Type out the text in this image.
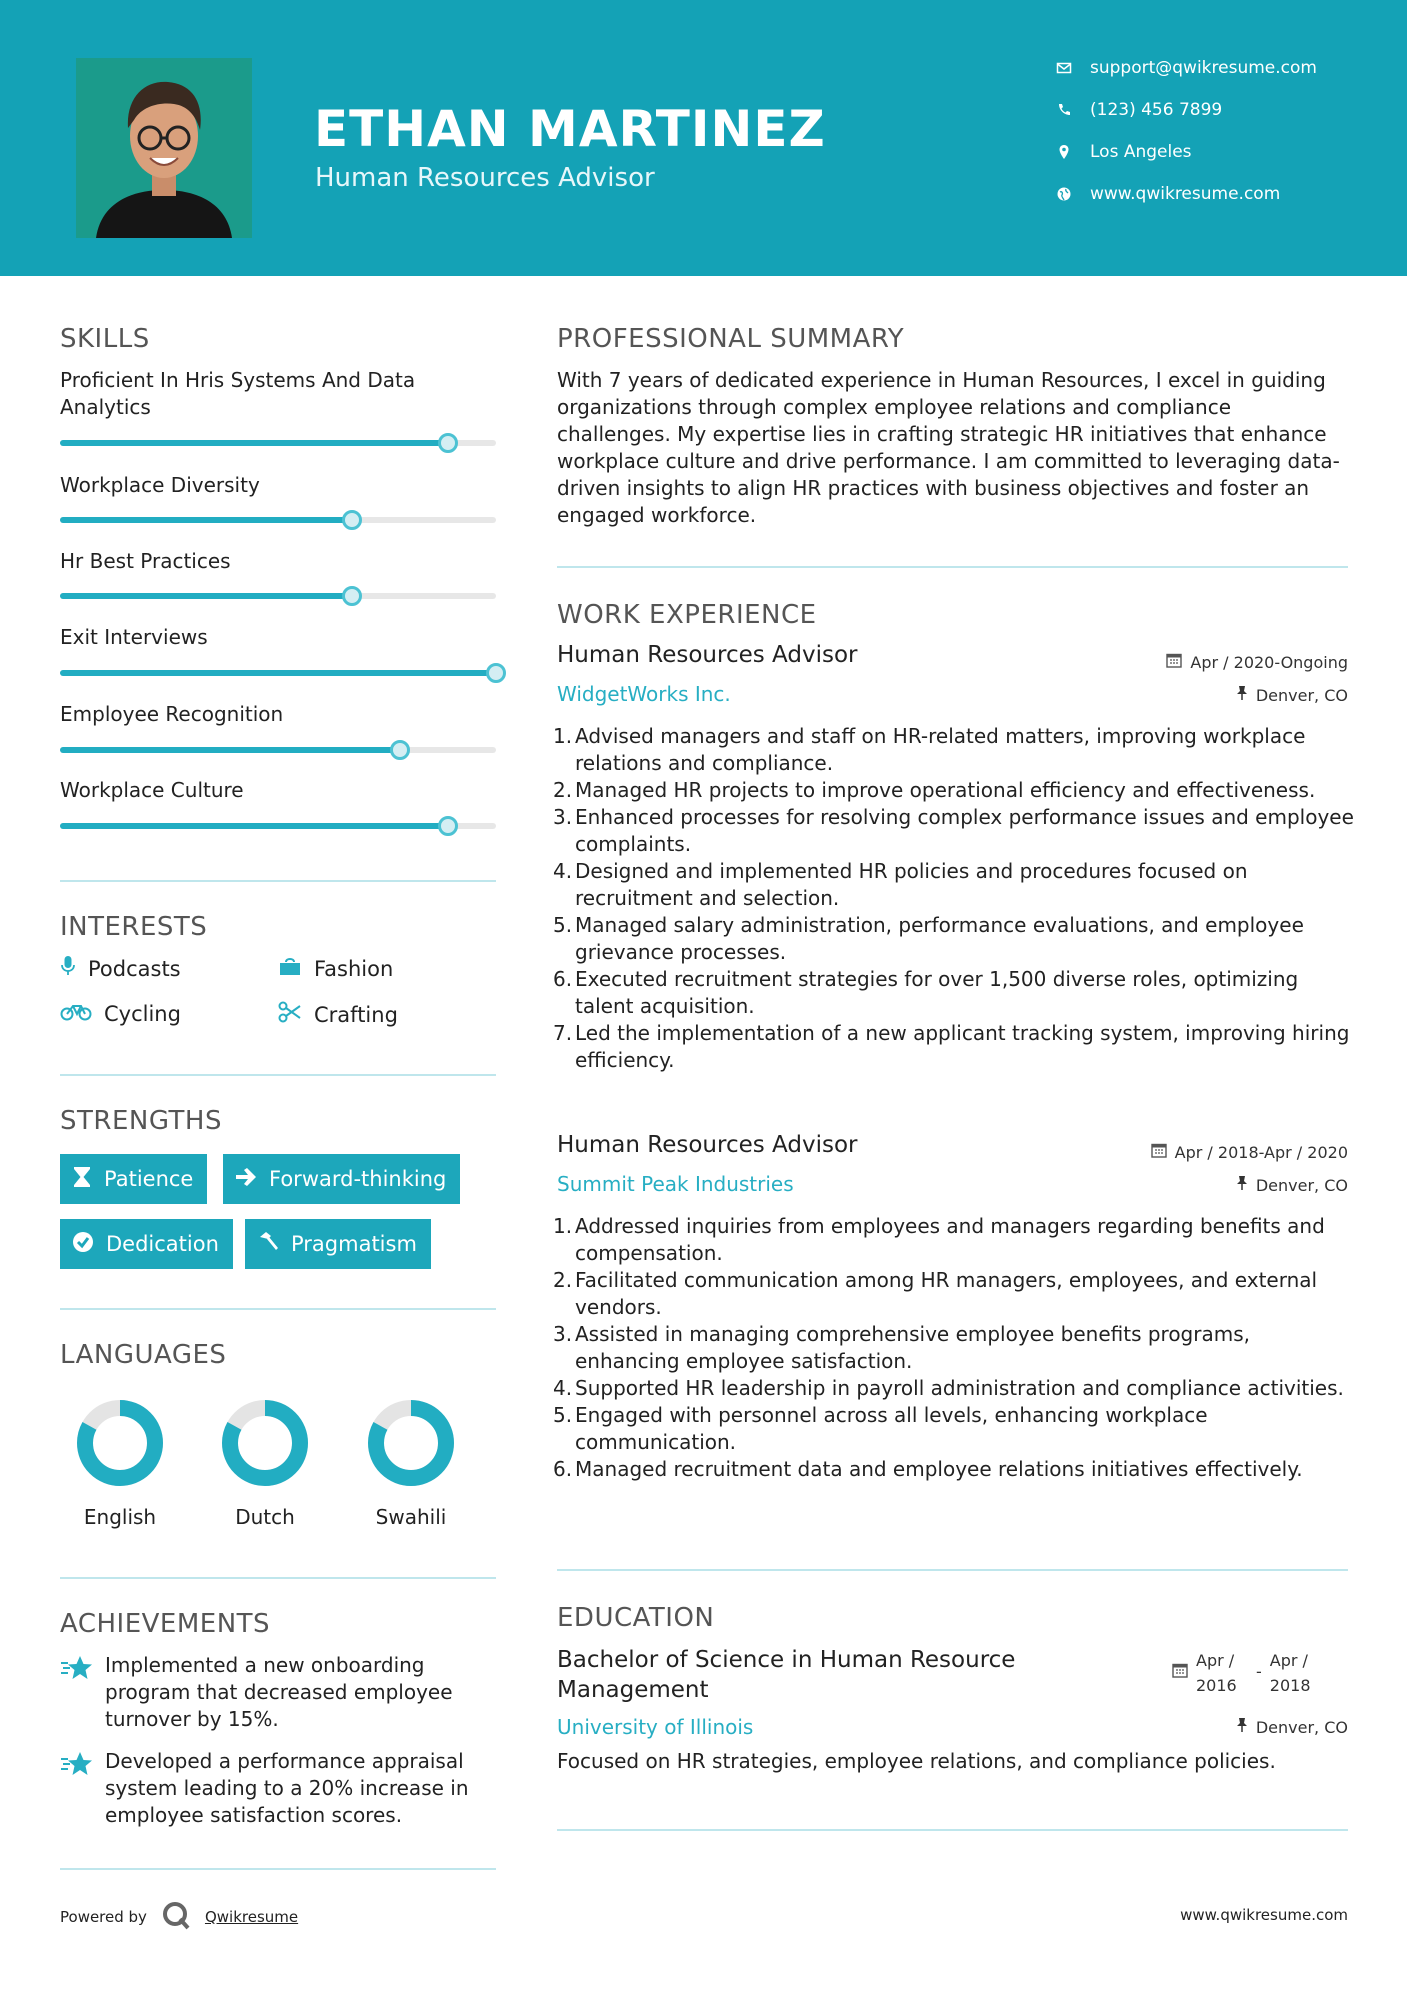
ETHAN MARTINEZ
Human Resources Advisor
support@qwikresume.com
(123) 456 7899
Los Angeles
www.qwikresume.com
SKILLS
Proficient In Hris Systems And Data Analytics
Workplace Diversity
Hr Best Practices
Exit Interviews
Employee Recognition
Workplace Culture
INTERESTS
Podcasts	Fashion
Cycling	Crafting
STRENGTHS
Patience	Forward-thinking
Dedication	Pragmatism
LANGUAGES
English	Dutch	Swahili
ACHIEVEMENTS
Implemented a new onboarding program that decreased employee turnover by 15%.
Developed a performance appraisal system leading to a 20% increase in employee satisfaction scores.
PROFESSIONAL SUMMARY
With 7 years of dedicated experience in Human Resources, I excel in guiding organizations through complex employee relations and compliance challenges. My expertise lies in crafting strategic HR initiatives that enhance workplace culture and drive performance. I am committed to leveraging data-driven insights to align HR practices with business objectives and foster an engaged workforce.
WORK EXPERIENCE
Human Resources Advisor	Apr / 2020-Ongoing
WidgetWorks Inc.	Denver, CO
1. Advised managers and staff on HR-related matters, improving workplace relations and compliance.
2. Managed HR projects to improve operational efficiency and effectiveness.
3. Enhanced processes for resolving complex performance issues and employee complaints.
4. Designed and implemented HR policies and procedures focused on recruitment and selection.
5. Managed salary administration, performance evaluations, and employee grievance processes.
6. Executed recruitment strategies for over 1,500 diverse roles, optimizing talent acquisition.
7. Led the implementation of a new applicant tracking system, improving hiring efficiency.
Human Resources Advisor	Apr / 2018-Apr / 2020
Summit Peak Industries	Denver, CO
1. Addressed inquiries from employees and managers regarding benefits and compensation.
2. Facilitated communication among HR managers, employees, and external vendors.
3. Assisted in managing comprehensive employee benefits programs, enhancing employee satisfaction.
4. Supported HR leadership in payroll administration and compliance activities.
5. Engaged with personnel across all levels, enhancing workplace communication.
6. Managed recruitment data and employee relations initiatives effectively.
EDUCATION
Bachelor of Science in Human Resource Management
Apr / 2016
-
Apr / 2018
University of Illinois	Denver, CO
Focused on HR strategies, employee relations, and compliance policies.
Powered by	Qwikresume	www.qwikresume.com
